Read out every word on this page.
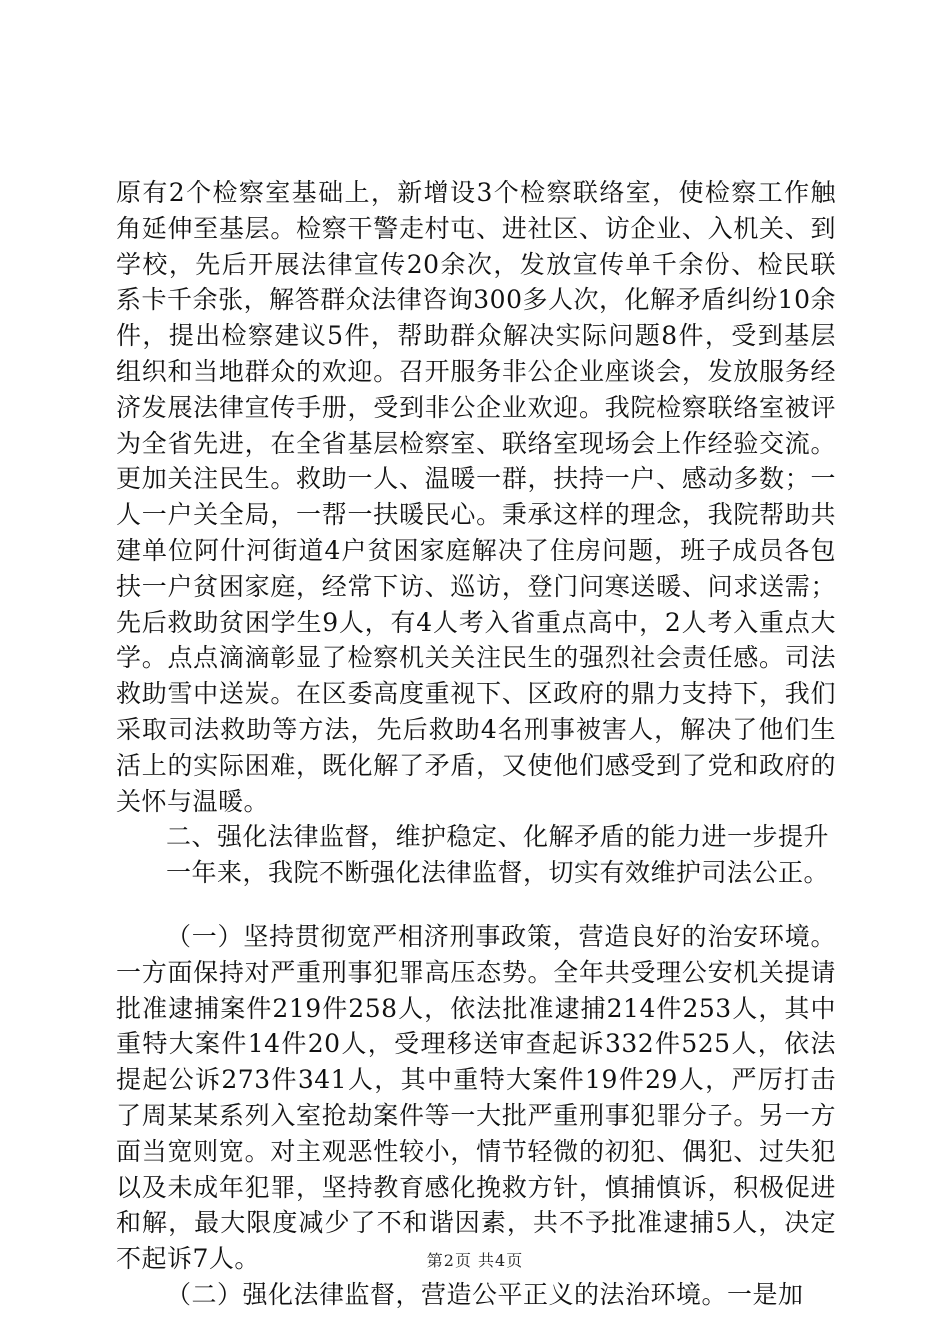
原有2个检察室基础上，新增设3个检察联络室，使检察工作触角延伸至基层。检察干警走村屯、进社区、访企业、入机关、到学校，先后开展法律宣传20余次，发放宣传单千余份、检民联系卡千余张，解答群众法律咨询300多人次，化解矛盾纠纷10余件，提出检察建议5件，帮助群众解决实际问题8件，受到基层组织和当地群众的欢迎。召开服务非公企业座谈会，发放服务经济发展法律宣传手册，受到非公企业欢迎。我院检察联络室被评为全省先进，在全省基层检察室、联络室现场会上作经验交流。更加关注民生。救助一人、温暖一群，扶持一户、感动多数；一人一户关全局，一帮一扶暖民心。秉承这样的理念，我院帮助共建单位阿什河街道4户贫困家庭解决了住房问题，班子成员各包扶一户贫困家庭，经常下访、巡访，登门问寒送暖、问求送需；先后救助贫困学生9人，有4人考入省重点高中，2人考入重点大学。点点滴滴彰显了检察机关关注民生的强烈社会责任感。司法救助雪中送炭。在区委高度重视下、区政府的鼎力支持下，我们采取司法救助等方法，先后救助4名刑事被害人，解决了他们生活上的实际困难，既化解了矛盾，又使他们感受到了党和政府的关怀与温暖。

二、强化法律监督，维护稳定、化解矛盾的能力进一步提升

一年来，我院不断强化法律监督，切实有效维护司法公正。

（一）坚持贯彻宽严相济刑事政策，营造良好的治安环境。一方面保持对严重刑事犯罪高压态势。全年共受理公安机关提请批准逮捕案件219件258人，依法批准逮捕214件253人，其中重特大案件14件20人，受理移送审查起诉332件525人，依法提起公诉273件341人，其中重特大案件19件29人，严厉打击了周某某系列入室抢劫案件等一大批严重刑事犯罪分子。另一方面当宽则宽。对主观恶性较小，情节轻微的初犯、偶犯、过失犯以及未成年犯罪，坚持教育感化挽救方针，慎捕慎诉，积极促进和解，最大限度减少了不和谐因素，共不予批准逮捕5人，决定不起诉7人。

（二）强化法律监督，营造公平正义的法治环境。一是加

第2页 共4页
